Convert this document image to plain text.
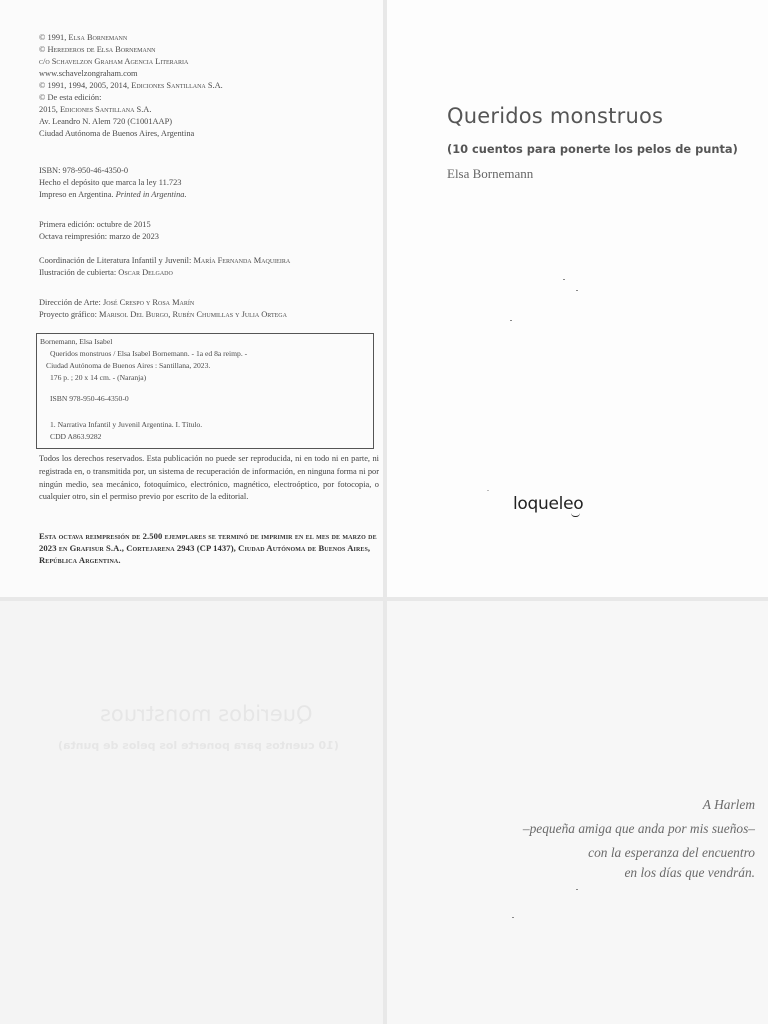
© 1991, Elsa Bornemann
© Herederos de Elsa Bornemann
c/o Schavelzon Graham Agencia Literaria
www.schavelzongraham.com
© 1991, 1994, 2005, 2014, Ediciones Santillana S.A.
© De esta edición:
2015, Ediciones Santillana S.A.
Av. Leandro N. Alem 720 (C1001AAP)
Ciudad Autónoma de Buenos Aires, Argentina
ISBN: 978-950-46-4350-0
Hecho el depósito que marca la ley 11.723
Impreso en Argentina. Printed in Argentina.
Primera edición: octubre de 2015
Octava reimpresión: marzo de 2023
Coordinación de Literatura Infantil y Juvenil: María Fernanda Maquieira
Ilustración de cubierta: Oscar Delgado
Dirección de Arte: José Crespo y Rosa Marín
Proyecto gráfico: Marisol Del Burgo, Rubén Chumillas y Julia Ortega
Bornemann, Elsa Isabel
Queridos monstruos / Elsa Isabel Bornemann. - 1a ed 8a reimp. -
Ciudad Autónoma de Buenos Aires : Santillana, 2023.
176 p. ; 20 x 14 cm. - (Naranja)
ISBN 978-950-46-4350-0
1. Narrativa Infantil y Juvenil Argentina. I. Título.
CDD A863.9282
Todos los derechos reservados. Esta publicación no puede ser reproducida, ni en todo ni en parte, ni registrada en, o transmitida por, un sistema de recuperación de información, en ninguna forma ni por ningún medio, sea mecánico, fotoquímico, electrónico, magnético, electroóptico, por fotocopia, o cualquier otro, sin el permiso previo por escrito de la editorial.
Esta octava reimpresión de 2.500 ejemplares se terminó de imprimir en el mes de marzo de 2023 en Grafisur S.A., Cortejarena 2943 (CP 1437), Ciudad Autónoma de Buenos Aires, República Argentina.
Queridos monstruos
(10 cuentos para ponerte los pelos de punta)
Elsa Bornemann
loqueleo
Queridos monstruos
(10 cuentos para ponerte los pelos de punta)
A Harlem
–pequeña amiga que anda por mis sueños–
con la esperanza del encuentro
en los días que vendrán.
